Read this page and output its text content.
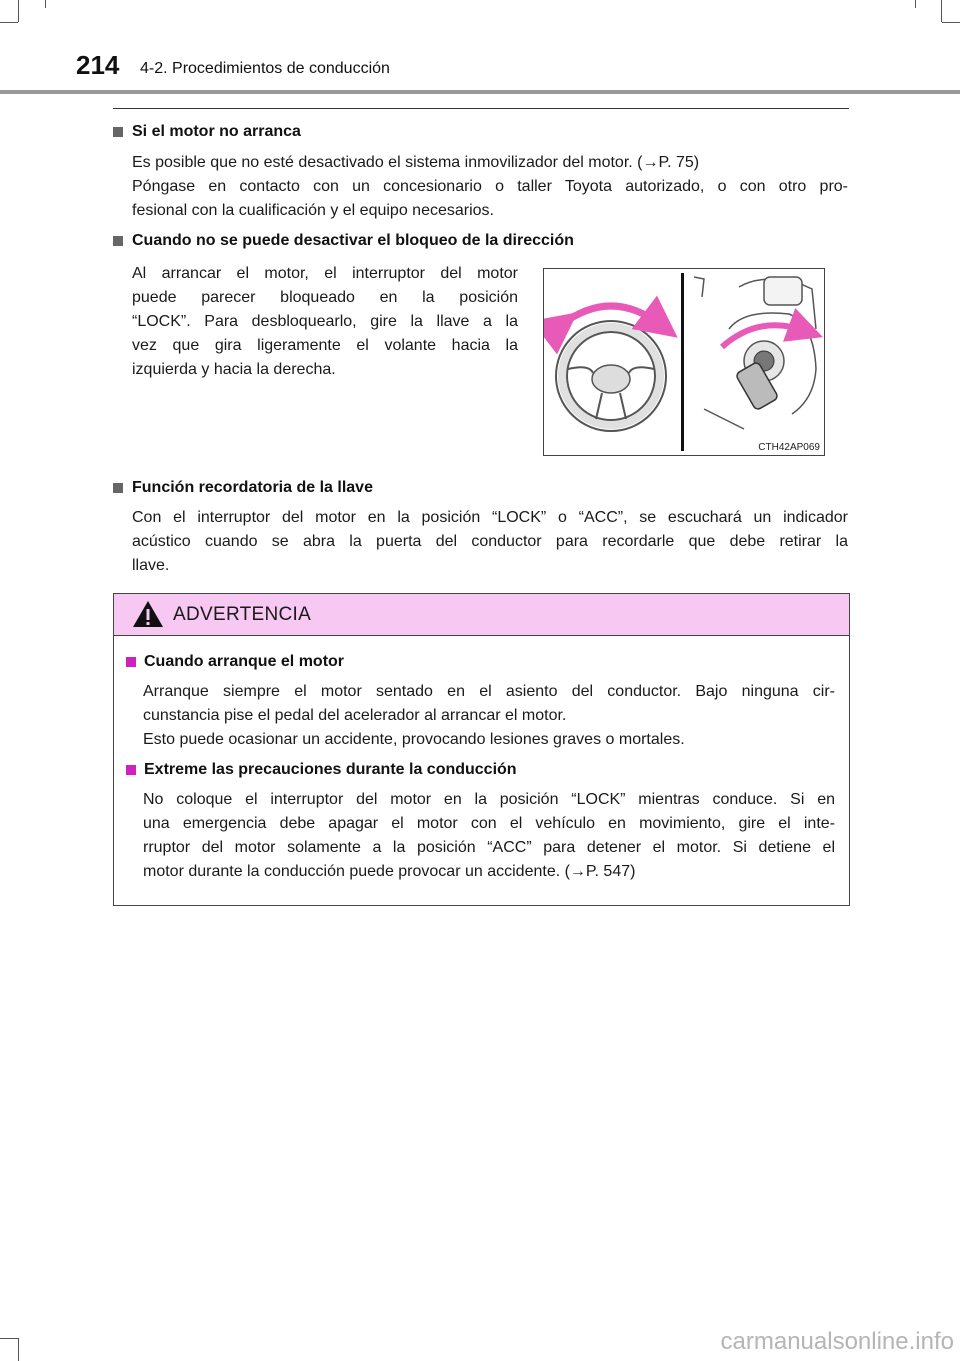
214 4-2. Procedimientos de conducción
Si el motor no arranca
Es posible que no esté desactivado el sistema inmovilizador del motor. (→P. 75)
Póngase en contacto con un concesionario o taller Toyota autorizado, o con otro pro-
fesional con la cualificación y el equipo necesarios.
Cuando no se puede desactivar el bloqueo de la dirección
Al arrancar el motor, el interruptor del motor
puede parecer bloqueado en la posición
“LOCK”. Para desbloquearlo, gire la llave a la
vez que gira ligeramente el volante hacia la
izquierda y hacia la derecha.
CTH42AP069
Función recordatoria de la llave
Con el interruptor del motor en la posición “LOCK” o “ACC”, se escuchará un indicador
acústico cuando se abra la puerta del conductor para recordarle que debe retirar la
llave.
ADVERTENCIA
Cuando arranque el motor
Arranque siempre el motor sentado en el asiento del conductor. Bajo ninguna cir-
cunstancia pise el pedal del acelerador al arrancar el motor.
Esto puede ocasionar un accidente, provocando lesiones graves o mortales.
Extreme las precauciones durante la conducción
No coloque el interruptor del motor en la posición “LOCK” mientras conduce. Si en
una emergencia debe apagar el motor con el vehículo en movimiento, gire el inte-
rruptor del motor solamente a la posición “ACC” para detener el motor. Si detiene el
motor durante la conducción puede provocar un accidente. (→P. 547)
carmanualsonline.info
